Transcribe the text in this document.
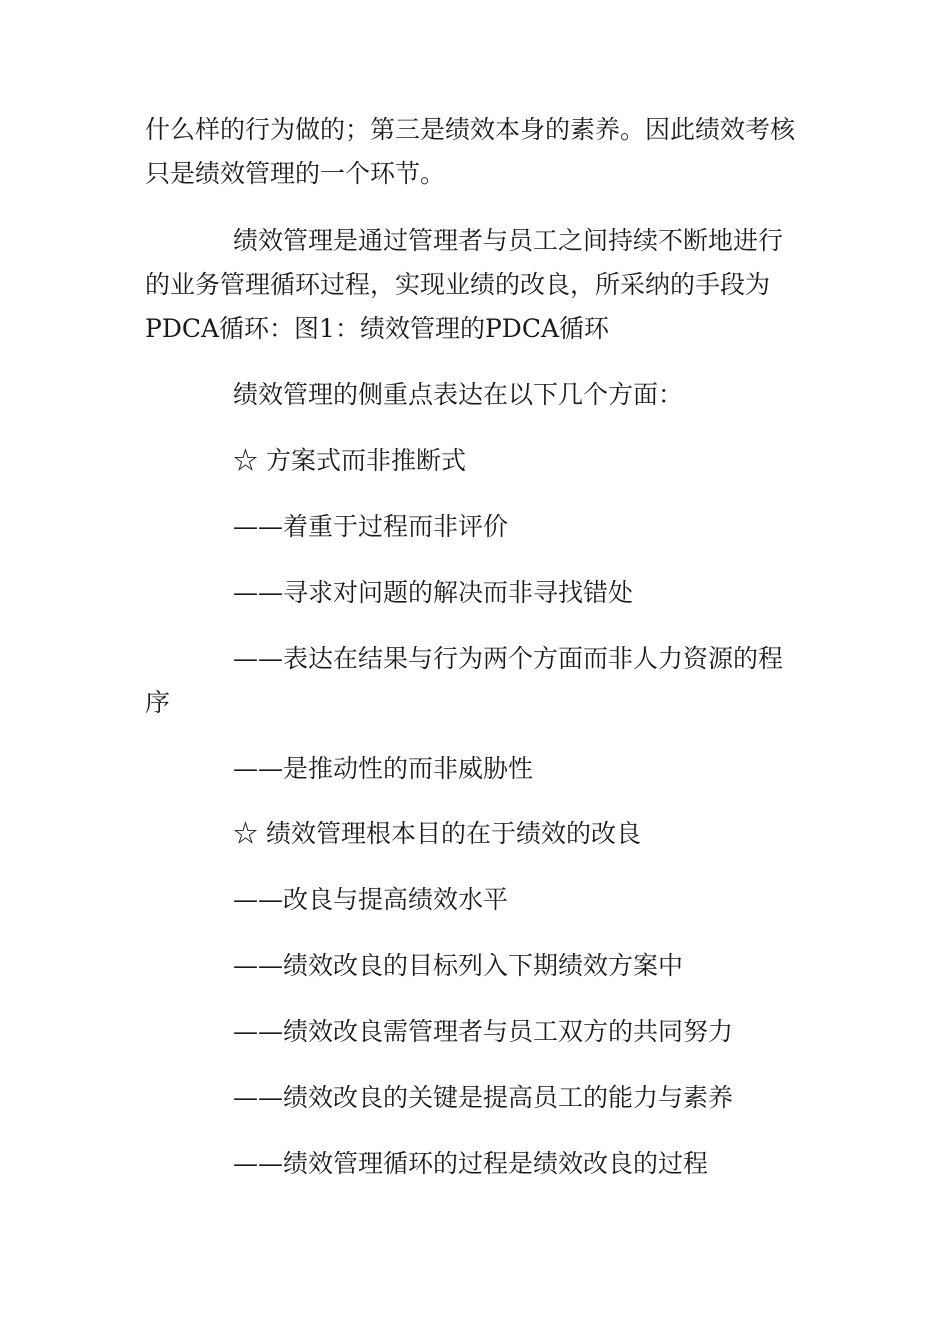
什么样的行为做的；第三是绩效本身的素养。因此绩效考核只是绩效管理的一个环节。

绩效管理是通过管理者与员工之间持续不断地进行的业务管理循环过程，实现业绩的改良，所采纳的手段为PDCA循环：图1：绩效管理的PDCA循环

绩效管理的侧重点表达在以下几个方面：

☆ 方案式而非推断式

——着重于过程而非评价

——寻求对问题的解决而非寻找错处

——表达在结果与行为两个方面而非人力资源的程序

——是推动性的而非威胁性

☆ 绩效管理根本目的在于绩效的改良

——改良与提高绩效水平

——绩效改良的目标列入下期绩效方案中

——绩效改良需管理者与员工双方的共同努力

——绩效改良的关键是提高员工的能力与素养

——绩效管理循环的过程是绩效改良的过程
